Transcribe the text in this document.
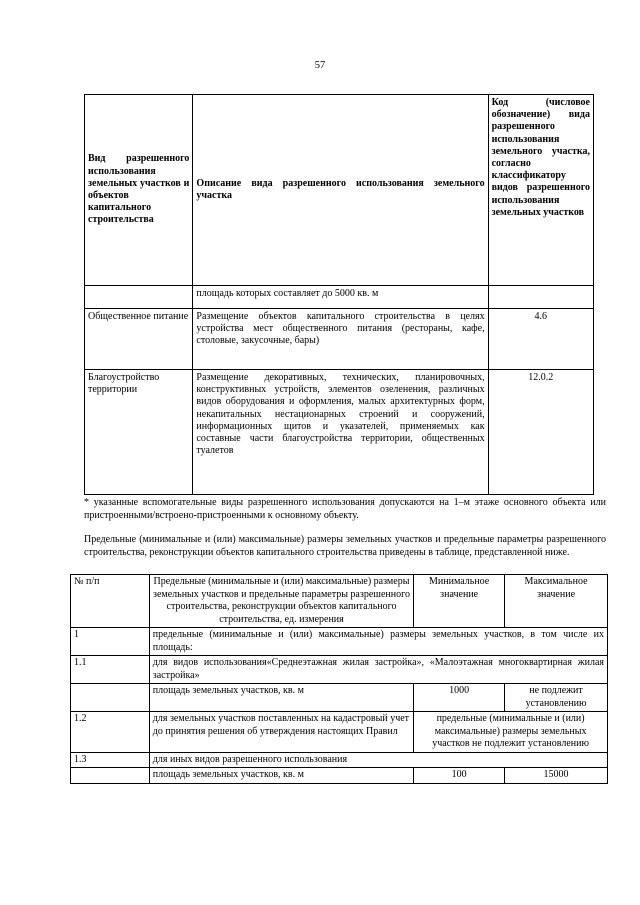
57
Вид разрешенного использования земельных участков и объектов капитального строительства	Описание вида разрешенного использования земельного участка	Код (числовое обозначение) вида разрешенного использования земельного участка, согласно классификатору видов разрешенного использования земельных участков
	площадь которых составляет до 5000 кв. м	
Общественное питание	Размещение объектов капитального строительства в целях устройства мест общественного питания (рестораны, кафе, столовые, закусочные, бары)	4.6
Благоустройство территории	Размещение декоративных, технических, планировочных, конструктивных устройств, элементов озеленения, различных видов оборудования и оформления, малых архитектурных форм, некапитальных нестационарных строений и сооружений, информационных щитов и указателей, применяемых как составные части благоустройства территории, общественных туалетов	12.0.2
* указанные вспомогательные виды разрешенного использования допускаются на 1–м этаже основного объекта или пристроенными/встроено-пристроенными к основному объекту.
Предельные (минимальные и (или) максимальные) размеры земельных участков и предельные параметры разрешенного строительства, реконструкции объектов капитального строительства приведены в таблице, представленной ниже.
№ п/п	Предельные (минимальные и (или) максимальные) размеры земельных участков и предельные параметры разрешенного строительства, реконструкции объектов капитального строительства, ед. измерения	Минимальное значение	Максимальное значение
1	предельные (минимальные и (или) максимальные) размеры земельных участков, в том числе их площадь:		
1.1	для видов использования«Среднеэтажная жилая застройка», «Малоэтажная многоквартирная жилая застройка»		
	площадь земельных участков, кв. м	1000	не подлежит установлению
1.2	для земельных участков поставленных на кадастровый учет до принятия решения об утверждения настоящих Правил	предельные (минимальные и (или) максимальные) размеры земельных участков не подлежит установлению	
1.3	для иных видов разрешенного использования		
	площадь земельных участков, кв. м	100	15000
